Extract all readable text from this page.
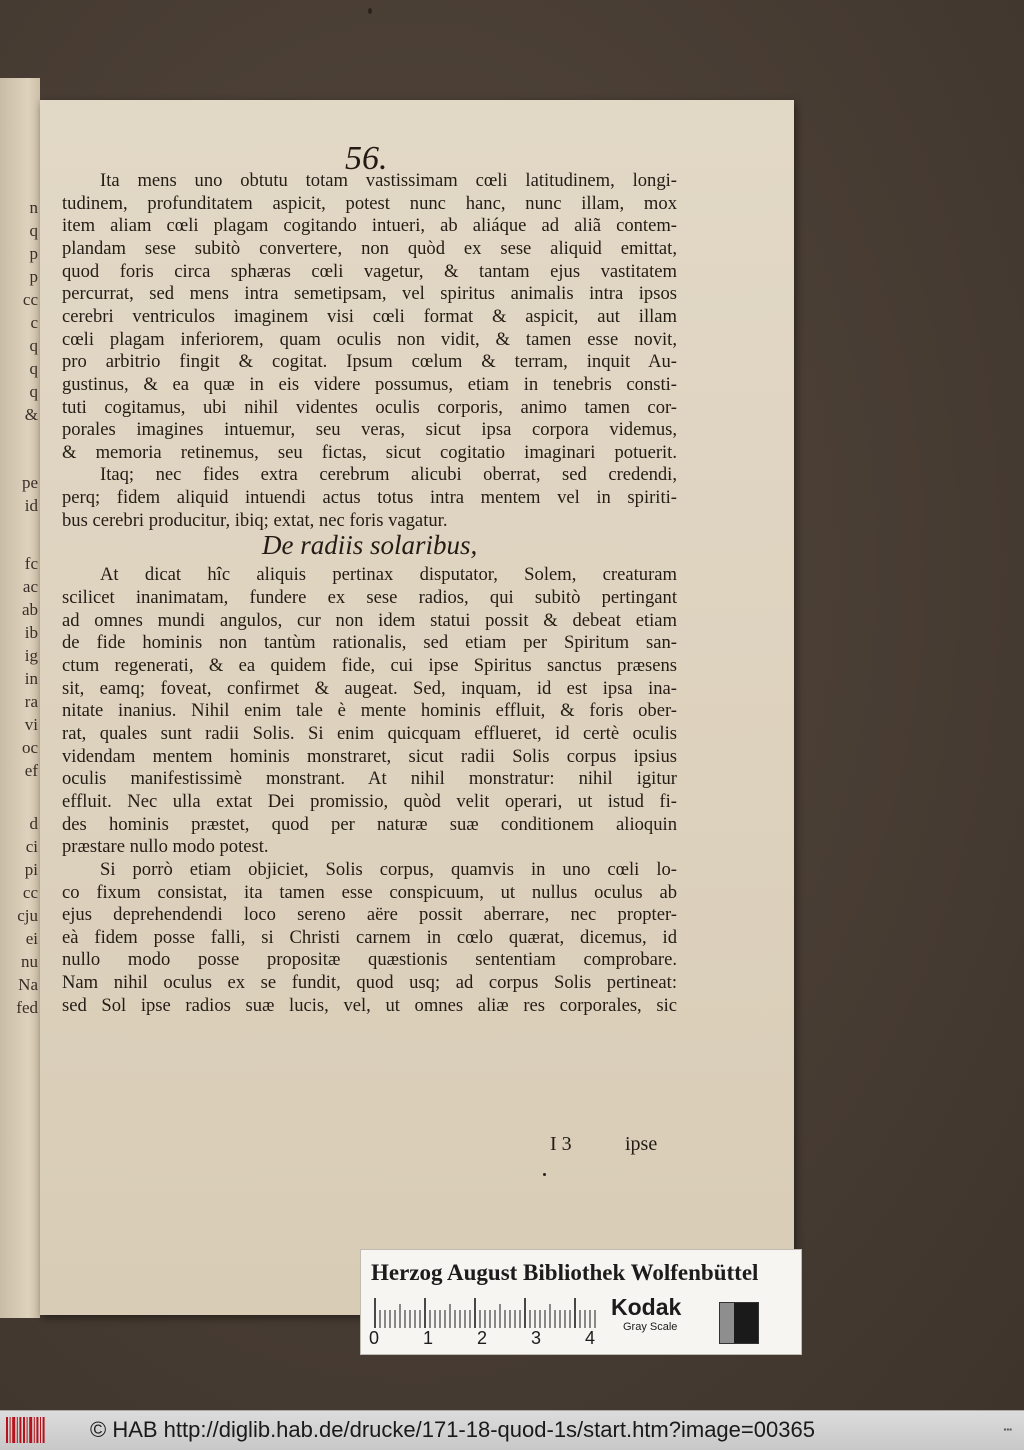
n
q
p
p
cc
c
q
q
q
&
pe
id
fc
ac
ab
ib
ig
in
ra
vi
oc
ef
d
ci
pi
cc
cju
ei
nu
Na
fed
56.
Ita mens uno obtutu totam vastissimam cœli latitudinem, longi-
tudinem, profunditatem aspicit, potest nunc hanc, nunc illam, mox
item aliam cœli plagam cogitando intueri, ab aliáque ad aliã contem-
plandam sese subitò convertere, non quòd ex sese aliquid emittat,
quod foris circa sphæras cœli vagetur, & tantam ejus vastitatem
percurrat, sed mens intra semetipsam, vel spiritus animalis intra ipsos
cerebri ventriculos imaginem visi cœli format & aspicit, aut illam
cœli plagam inferiorem, quam oculis non vidit, & tamen esse novit,
pro arbitrio fingit & cogitat. Ipsum cœlum & terram, inquit Au-
gustinus, & ea quæ in eis videre possumus, etiam in tenebris consti-
tuti cogitamus, ubi nihil videntes oculis corporis, animo tamen cor-
porales imagines intuemur, seu veras, sicut ipsa corpora videmus,
& memoria retinemus, seu fictas, sicut cogitatio imaginari potuerit.
Itaq; nec fides extra cerebrum alicubi oberrat, sed credendi,
perq; fidem aliquid intuendi actus totus intra mentem vel in spiriti-
bus cerebri producitur, ibiq; extat, nec foris vagatur.
De radiis solaribus,
At dicat hîc aliquis pertinax disputator, Solem, creaturam
scilicet inanimatam, fundere ex sese radios, qui subitò pertingant
ad omnes mundi angulos, cur non idem statui possit & debeat etiam
de fide hominis non tantùm rationalis, sed etiam per Spiritum san-
ctum regenerati, & ea quidem fide, cui ipse Spiritus sanctus præsens
sit, eamq; foveat, confirmet & augeat. Sed, inquam, id est ipsa ina-
nitate inanius. Nihil enim tale è mente hominis effluit, & foris ober-
rat, quales sunt radii Solis. Si enim quicquam efflueret, id certè oculis
videndam mentem hominis monstraret, sicut radii Solis corpus ipsius
oculis manifestissimè monstrant. At nihil monstratur: nihil igitur
effluit. Nec ulla extat Dei promissio, quòd velit operari, ut istud fi-
des hominis præstet, quod per naturæ suæ conditionem alioquin
præstare nullo modo potest.
Si porrò etiam objiciet, Solis corpus, quamvis in uno cœli lo-
co fixum consistat, ita tamen esse conspicuum, ut nullus oculus ab
ejus deprehendendi loco sereno aëre possit aberrare, nec propter-
eà fidem posse falli, si Christi carnem in cœlo quærat, dicemus, id
nullo modo posse propositæ quæstionis sententiam comprobare.
Nam nihil oculus ex se fundit, quod usq; ad corpus Solis pertineat:
sed Sol ipse radios suæ lucis, vel, ut omnes aliæ res corporales, sic
I 3	ipse
Herzog August Bibliothek Wolfenbüttel
0 1 2 3 4
Kodak
Gray Scale
© HAB http://diglib.hab.de/drucke/171-18-quod-1s/start.htm?image=00365	▪▪▪
